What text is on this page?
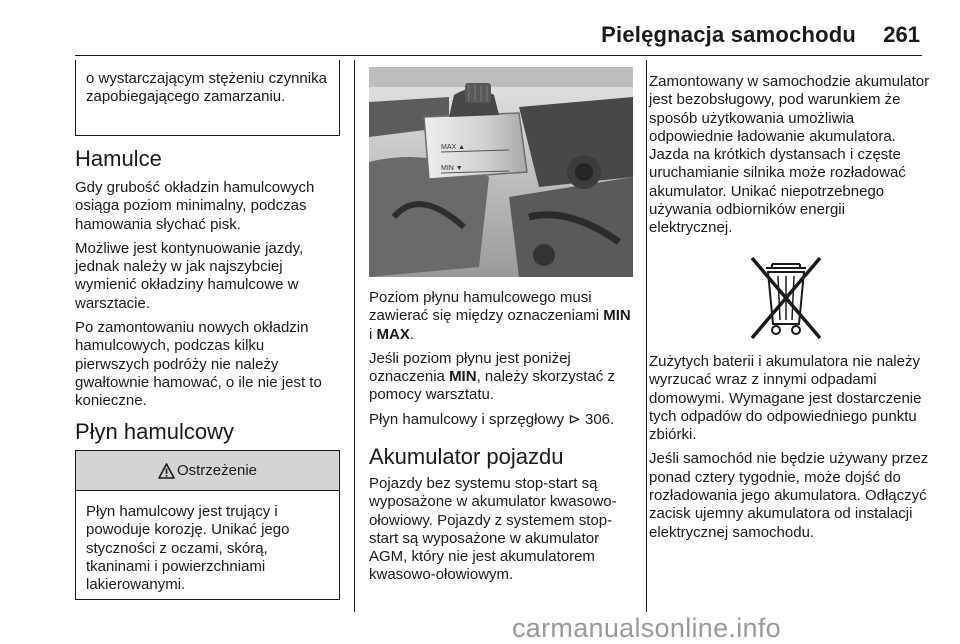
Pielęgnacja samochodu 261

o wystarczającym stężeniu czynnika zapobiegającego zamarzaniu.

Hamulce

Gdy grubość okładzin hamulcowych osiąga poziom minimalny, podczas hamowania słychać pisk.

Możliwe jest kontynuowanie jazdy, jednak należy w jak najszybciej wymienić okładziny hamulcowe w warsztacie.

Po zamontowaniu nowych okładzin hamulcowych, podczas kilku pierwszych podróży nie należy gwałtownie hamować, o ile nie jest to konieczne.

Płyn hamulcowy
Ostrzeżenie

Płyn hamulcowy jest trujący i powoduje korozję. Unikać jego styczności z oczami, skórą, tkaninami i powierzchniami lakierowanymi.

MAX ▲
MIN ▼

Poziom płynu hamulcowego musi zawierać się między oznaczeniami MIN i MAX.

Jeśli poziom płynu jest poniżej oznaczenia MIN, należy skorzystać z pomocy warsztatu.

Płyn hamulcowy i sprzęgłowy ⊳ 306.

Akumulator pojazdu

Pojazdy bez systemu stop-start są wyposażone w akumulator kwasowo-ołowiowy. Pojazdy z systemem stop-start są wyposażone w akumulator AGM, który nie jest akumulatorem kwasowo-ołowiowym.

Zamontowany w samochodzie akumulator jest bezobsługowy, pod warunkiem że sposób użytkowania umożliwia odpowiednie ładowanie akumulatora. Jazda na krótkich dystansach i częste uruchamianie silnika może rozładować akumulator. Unikać niepotrzebnego używania odbiorników energii elektrycznej.

Zużytych baterii i akumulatora nie należy wyrzucać wraz z innymi odpadami domowymi. Wymagane jest dostarczenie tych odpadów do odpowiedniego punktu zbiórki.

Jeśli samochód nie będzie używany przez ponad cztery tygodnie, może dojść do rozładowania jego akumulatora. Odłączyć zacisk ujemny akumulatora od instalacji elektrycznej samochodu.

carmanualsonline.info
